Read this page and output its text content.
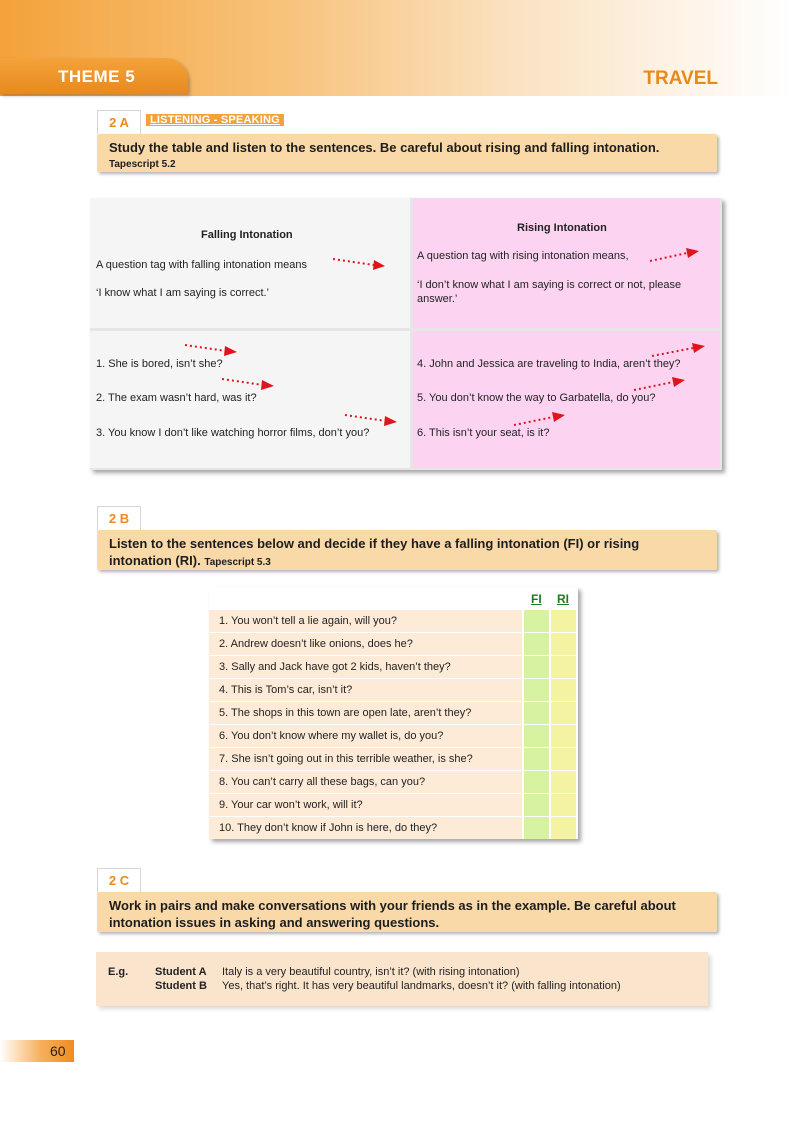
THEME 5	TRAVEL
2 A	LISTENING - SPEAKING
Study the table and listen to the sentences. Be careful about rising and falling intonation.
Tapescript 5.2
Falling Intonation
A question tag with falling intonation means
‘I know what I am saying is correct.’
Rising Intonation
A question tag with rising intonation means,
‘I don’t know what I am saying is correct or not, please
answer.’
1. She is bored, isn’t she?
2. The exam wasn’t hard, was it?
3. You know I don’t like watching horror films, don’t you?
4. John and Jessica are traveling to India, aren’t they?
5. You don’t know the way to Garbatella, do you?
6. This isn’t your seat, is it?
2 B
Listen to the sentences below and decide if they have a falling intonation (FI) or rising intonation (RI). Tapescript 5.3
FI RI
1. You won’t tell a lie again, will you?
2. Andrew doesn’t like onions, does he?
3. Sally and Jack have got 2 kids, haven’t they?
4. This is Tom’s car, isn’t it?
5. The shops in this town are open late, aren’t they?
6. You don’t know where my wallet is, do you?
7. She isn’t going out in this terrible weather, is she?
8. You can’t carry all these bags, can you?
9. Your car won’t work, will it?
10. They don’t know if John is here, do they?
2 C
Work in pairs and make conversations with your friends as in the example. Be careful about intonation issues in asking and answering questions.
E.g. Student A Italy is a very beautiful country, isn’t it? (with rising intonation)
Student B Yes, that’s right. It has very beautiful landmarks, doesn’t it? (with falling intonation)
60
